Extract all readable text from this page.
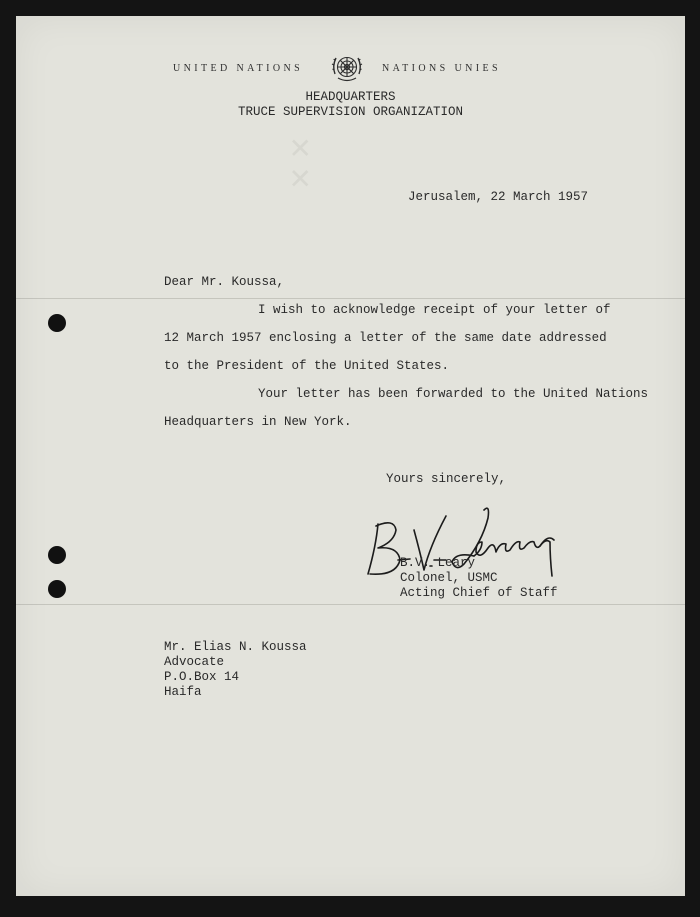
UNITED NATIONS	NATIONS UNIES
HEADQUARTERS
TRUCE SUPERVISION ORGANIZATION
✕ ✕
Jerusalem, 22 March 1957
Dear Mr. Koussa,
I wish to acknowledge receipt of your letter of
12 March 1957 enclosing a letter of the same date addressed
to the President of the United States.
Your letter has been forwarded to the United Nations
Headquarters in New York.
Yours sincerely,
B.V. Leary
Colonel, USMC
Acting Chief of Staff
Mr. Elias N. Koussa
Advocate
P.O.Box 14
Haifa
